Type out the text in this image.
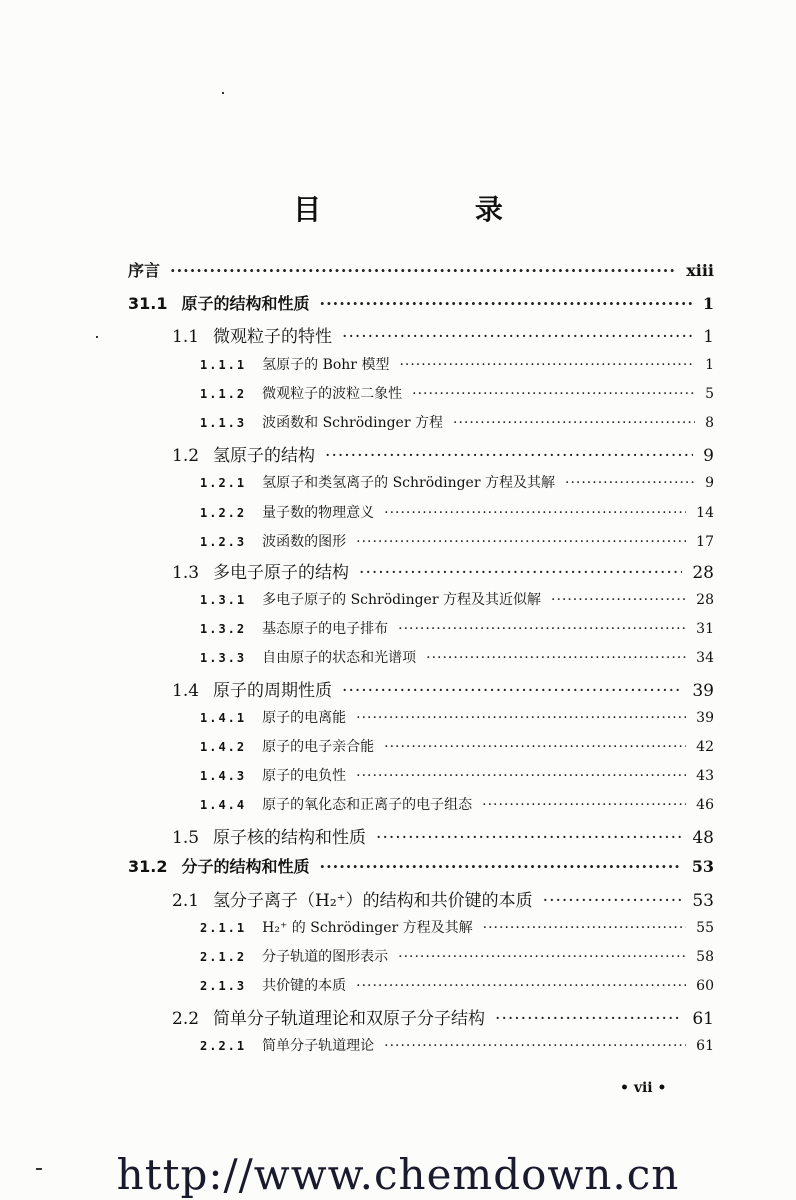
目 录
序言 ·····	xiii
31.1 原子的结构和性质 ·····	1
1.1 微观粒子的特性 ·····	1
1.1.1 氢原子的 Bohr 模型 ·····	1
1.1.2 微观粒子的波粒二象性 ·····	5
1.1.3 波函数和 Schrödinger 方程 ·····	8
1.2 氢原子的结构 ·····	9
1.2.1 氢原子和类氢离子的 Schrödinger 方程及其解 ·····	9
1.2.2 量子数的物理意义 ·····	14
1.2.3 波函数的图形 ·····	17
1.3 多电子原子的结构 ·····	28
1.3.1 多电子原子的 Schrödinger 方程及其近似解 ·····	28
1.3.2 基态原子的电子排布 ·····	31
1.3.3 自由原子的状态和光谱项 ·····	34
1.4 原子的周期性质 ·····	39
1.4.1 原子的电离能 ·····	39
1.4.2 原子的电子亲合能 ·····	42
1.4.3 原子的电负性 ·····	43
1.4.4 原子的氧化态和正离子的电子组态 ·····	46
1.5 原子核的结构和性质 ·····	48
31.2 分子的结构和性质 ·····	53
2.1 氢分子离子（H₂⁺）的结构和共价键的本质 ·····	53
2.1.1 H₂⁺ 的 Schrödinger 方程及其解 ·····	55
2.1.2 分子轨道的图形表示 ·····	58
2.1.3 共价键的本质 ·····	60
2.2 简单分子轨道理论和双原子分子结构 ·····	61
2.2.1 简单分子轨道理论 ·····	61
• vii •
http://www.chemdown.cn
